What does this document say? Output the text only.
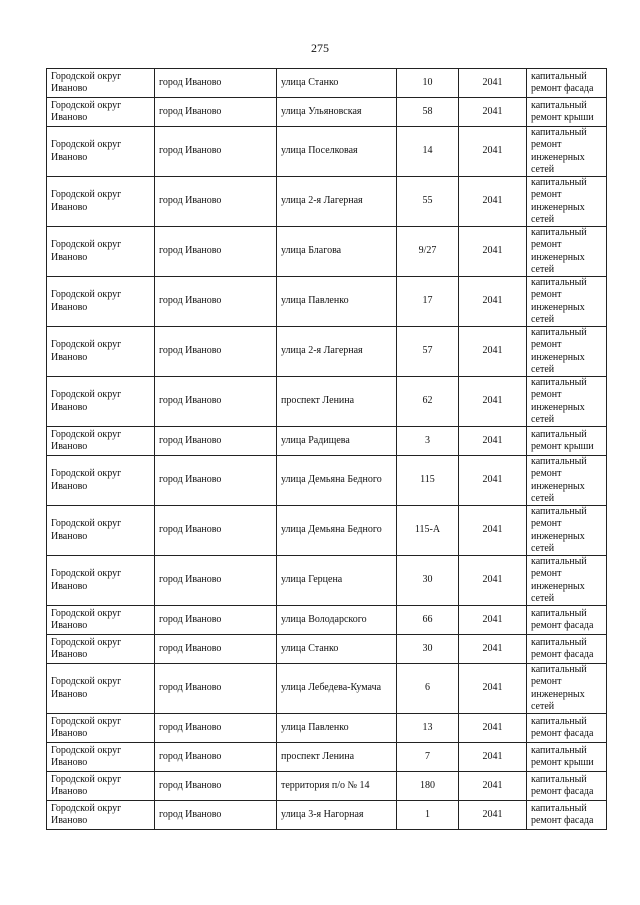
275
Городской округ Иваново	город Иваново	улица Станко	10	2041	капитальный ремонт фасада
Городской округ Иваново	город Иваново	улица Ульяновская	58	2041	капитальный ремонт крыши
Городской округ Иваново	город Иваново	улица Поселковая	14	2041	капитальный ремонт инженерных сетей
Городской округ Иваново	город Иваново	улица 2-я Лагерная	55	2041	капитальный ремонт инженерных сетей
Городской округ Иваново	город Иваново	улица Благова	9/27	2041	капитальный ремонт инженерных сетей
Городской округ Иваново	город Иваново	улица Павленко	17	2041	капитальный ремонт инженерных сетей
Городской округ Иваново	город Иваново	улица 2-я Лагерная	57	2041	капитальный ремонт инженерных сетей
Городской округ Иваново	город Иваново	проспект Ленина	62	2041	капитальный ремонт инженерных сетей
Городской округ Иваново	город Иваново	улица Радищева	3	2041	капитальный ремонт крыши
Городской округ Иваново	город Иваново	улица Демьяна Бедного	115	2041	капитальный ремонт инженерных сетей
Городской округ Иваново	город Иваново	улица Демьяна Бедного	115-А	2041	капитальный ремонт инженерных сетей
Городской округ Иваново	город Иваново	улица Герцена	30	2041	капитальный ремонт инженерных сетей
Городской округ Иваново	город Иваново	улица Володарского	66	2041	капитальный ремонт фасада
Городской округ Иваново	город Иваново	улица Станко	30	2041	капитальный ремонт фасада
Городской округ Иваново	город Иваново	улица Лебедева-Кумача	6	2041	капитальный ремонт инженерных сетей
Городской округ Иваново	город Иваново	улица Павленко	13	2041	капитальный ремонт фасада
Городской округ Иваново	город Иваново	проспект Ленина	7	2041	капитальный ремонт крыши
Городской округ Иваново	город Иваново	территория п/о № 14	180	2041	капитальный ремонт фасада
Городской округ Иваново	город Иваново	улица 3-я Нагорная	1	2041	капитальный ремонт фасада
